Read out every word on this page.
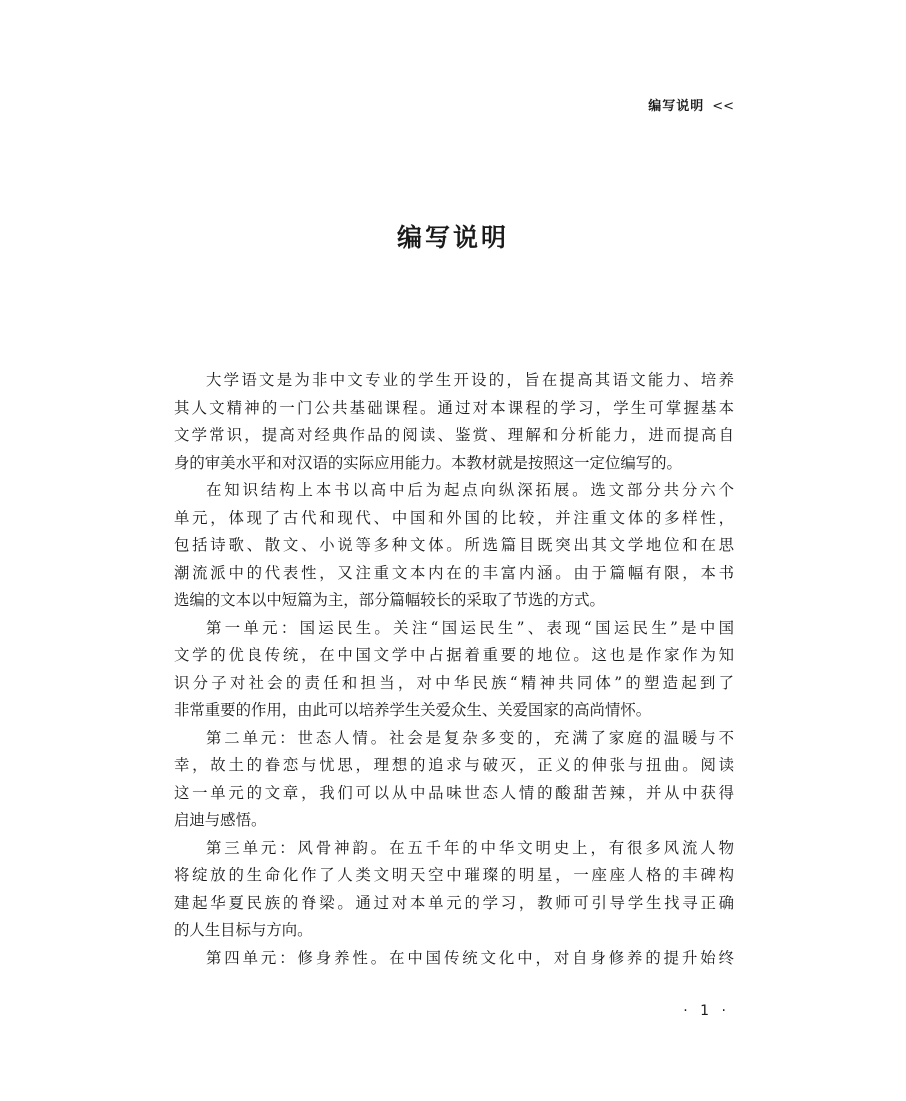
编写说明 <<
编写说明
大学语文是为非中文专业的学生开设的，旨在提高其语文能力、培养
其人文精神的一门公共基础课程。通过对本课程的学习，学生可掌握基本
文学常识，提高对经典作品的阅读、鉴赏、理解和分析能力，进而提高自
身的审美水平和对汉语的实际应用能力。本教材就是按照这一定位编写的。
在知识结构上本书以高中后为起点向纵深拓展。选文部分共分六个
单元，体现了古代和现代、中国和外国的比较，并注重文体的多样性，
包括诗歌、散文、小说等多种文体。所选篇目既突出其文学地位和在思
潮流派中的代表性，又注重文本内在的丰富内涵。由于篇幅有限，本书
选编的文本以中短篇为主，部分篇幅较长的采取了节选的方式。
第一单元：国运民生。关注“国运民生”、表现“国运民生”是中国
文学的优良传统，在中国文学中占据着重要的地位。这也是作家作为知
识分子对社会的责任和担当，对中华民族“精神共同体”的塑造起到了
非常重要的作用，由此可以培养学生关爱众生、关爱国家的高尚情怀。
第二单元：世态人情。社会是复杂多变的，充满了家庭的温暖与不
幸，故土的眷恋与忧思，理想的追求与破灭，正义的伸张与扭曲。阅读
这一单元的文章，我们可以从中品味世态人情的酸甜苦辣，并从中获得
启迪与感悟。
第三单元：风骨神韵。在五千年的中华文明史上，有很多风流人物
将绽放的生命化作了人类文明天空中璀璨的明星，一座座人格的丰碑构
建起华夏民族的脊梁。通过对本单元的学习，教师可引导学生找寻正确
的人生目标与方向。
第四单元：修身养性。在中国传统文化中，对自身修养的提升始终
· 1 ·
